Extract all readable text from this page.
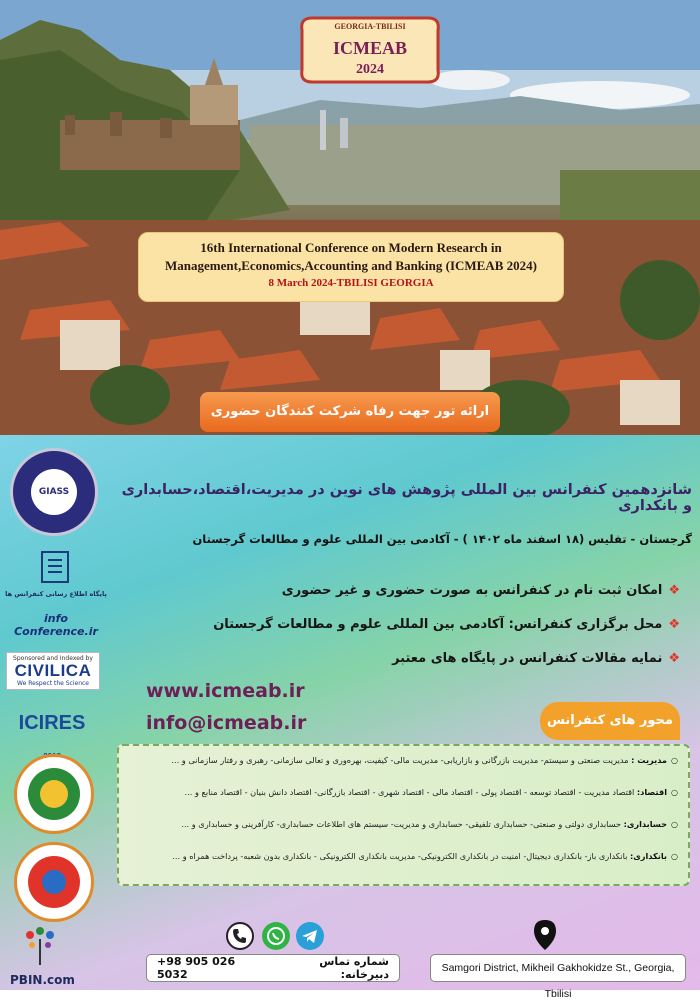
GEORGIA-TBILISI
ICMEAB
2024
16th International Conference on Modern Research in
Management,Economics,Accounting and Banking (ICMEAB 2024)
8 March 2024-TBILISI GEORGIA
ارائه تور جهت رفاه شرکت کنندگان حضوری
GIASS
پایگاه اطلاع رسانی کنفرانس ها
info Conference.ir
Sponsored and Indexed by
CIVILICA
We Respect the Science
ICIRES
PBIN.com
شانزدهمین کنفرانس بین المللی پژوهش های نوین در مدیریت،اقتصاد،حسابداری و بانکداری
گرجستان - تفلیس (۱۸ اسفند ماه ۱۴۰۲ ) - آکادمی بین المللی علوم و مطالعات گرجستان
❖امکان ثبت نام در کنفرانس به صورت حضوری و غیر حضوری
❖محل برگزاری کنفرانس: آکادمی بین المللی علوم و مطالعات گرجستان
❖نمایه مقالات کنفرانس در پایگاه های معتبر
www.icmeab.ir
info@icmeab.ir	محور های کنفرانس
○مدیریت : مدیریت صنعتی و سیستم- مدیریت بازرگانی و بازاریابی- مدیریت مالی- کیفیت، بهره‌وری و تعالی سازمانی- رهبری و رفتار سازمانی و ...
○اقتصاد: اقتصاد مدیریت - اقتصاد توسعه - اقتصاد پولی - اقتصاد مالی - اقتصاد شهری - اقتصاد بازرگانی- اقتصاد دانش بنیان - اقتصاد منابع و ...
○حسابداری: حسابداری دولتی و صنعتی- حسابداری تلفیقی- حسابداری و مدیریت- سیستم های اطلاعات حسابداری- کارآفرینی و حسابداری و ...
○بانکداری: بانکداری باز- بانکداری دیجیتال- امنیت در بانکداری الکترونیکی- مدیریت بانکداری الکترونیکی - بانکداری بدون شعبه- پرداخت همراه و ...
شماره تماس دبیرخانه:
+98 905 026 5032	Samgori District, Mikheil Gakhokidze St., Georgia, Tbilisi
